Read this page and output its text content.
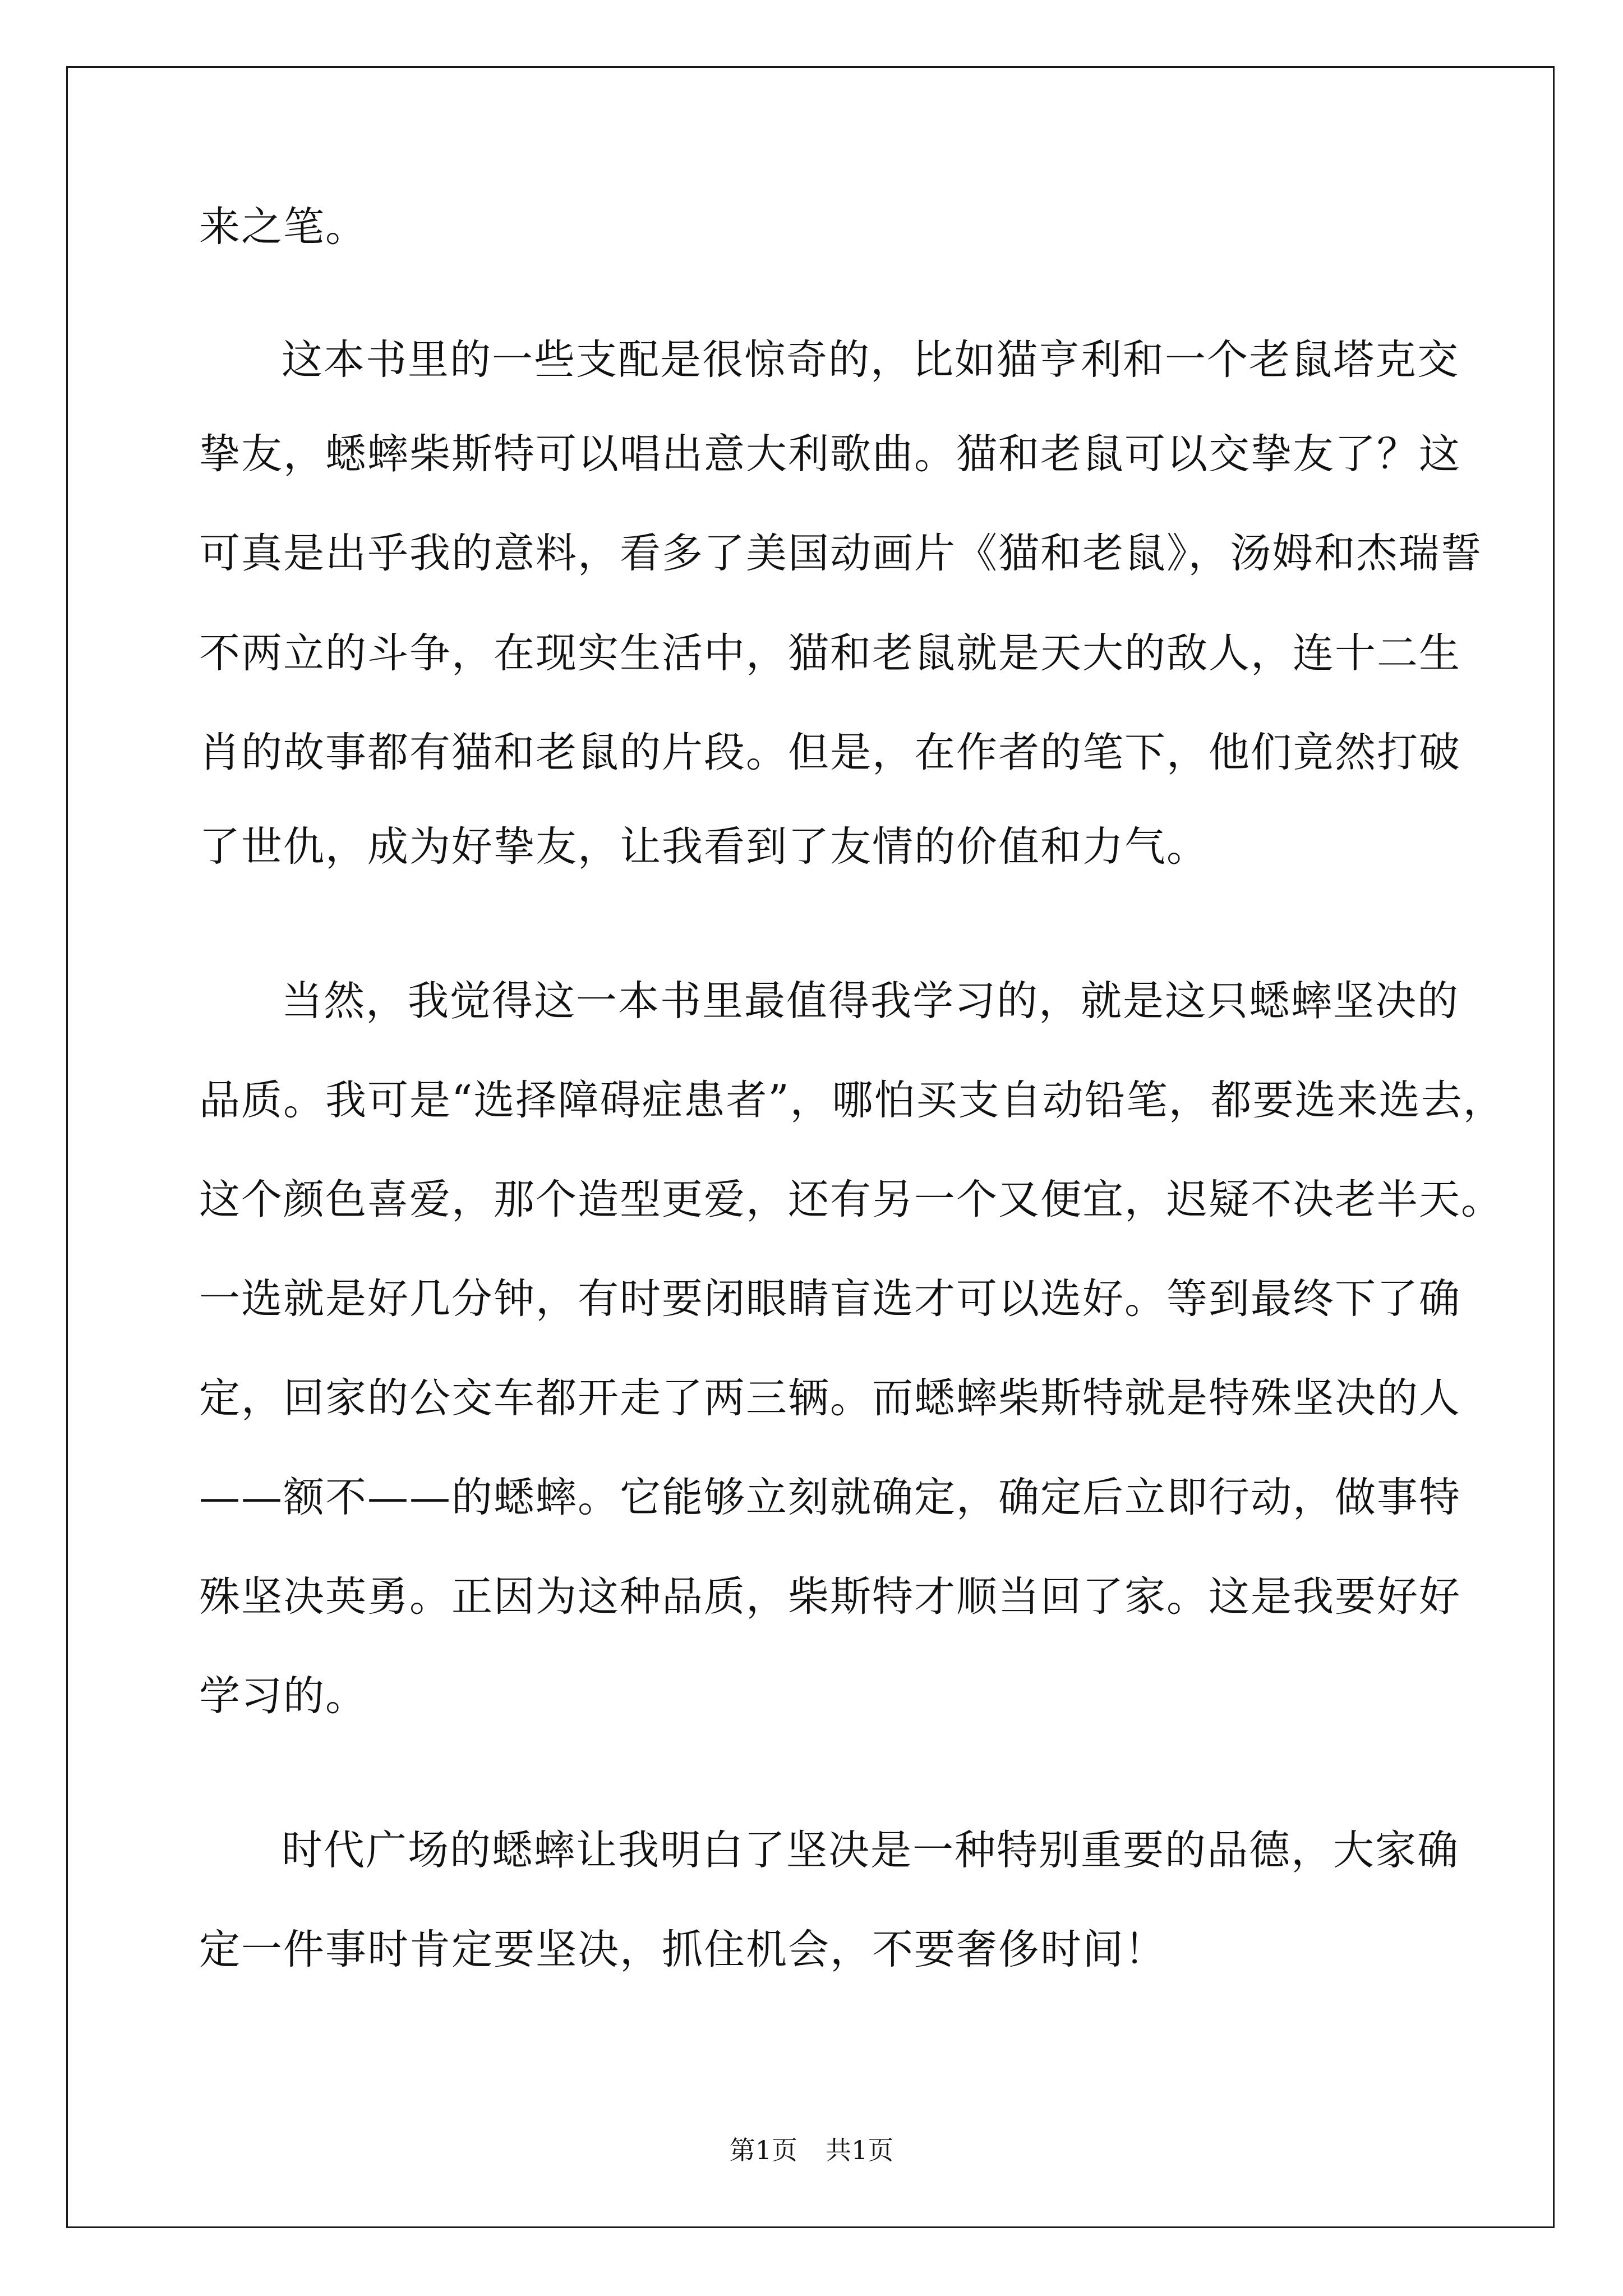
来之笔。
这本书里的一些支配是很惊奇的，比如猫亨利和一个老鼠塔克交
挚友，蟋蟀柴斯特可以唱出意大利歌曲。猫和老鼠可以交挚友了？这
可真是出乎我的意料，看多了美国动画片《猫和老鼠》，汤姆和杰瑞誓
不两立的斗争，在现实生活中，猫和老鼠就是天大的敌人，连十二生
肖的故事都有猫和老鼠的片段。但是，在作者的笔下，他们竟然打破
了世仇，成为好挚友，让我看到了友情的价值和力气。
当然，我觉得这一本书里最值得我学习的，就是这只蟋蟀坚决的
品质。我可是“选择障碍症患者”，哪怕买支自动铅笔，都要选来选去，
这个颜色喜爱，那个造型更爱，还有另一个又便宜，迟疑不决老半天。
一选就是好几分钟，有时要闭眼睛盲选才可以选好。等到最终下了确
定，回家的公交车都开走了两三辆。而蟋蟀柴斯特就是特殊坚决的人
——额不——的蟋蟀。它能够立刻就确定，确定后立即行动，做事特
殊坚决英勇。正因为这种品质，柴斯特才顺当回了家。这是我要好好
学习的。
时代广场的蟋蟀让我明白了坚决是一种特别重要的品德，大家确
定一件事时肯定要坚决，抓住机会，不要奢侈时间！
第1页 共1页
